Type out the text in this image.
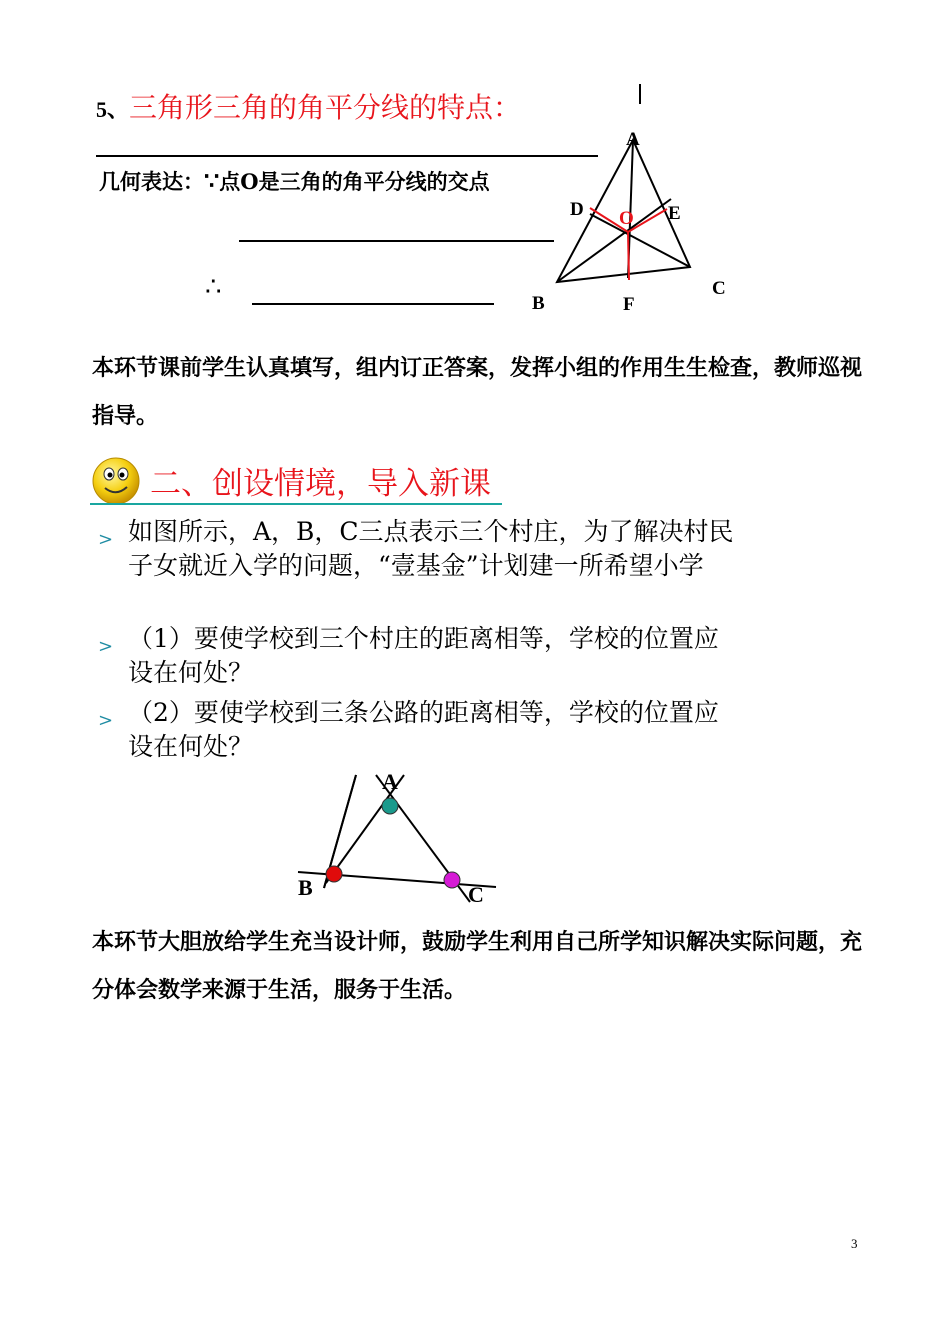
5、三角形三角的角平分线的特点：
几何表达：∵点O是三角的角平分线的交点
∴
A
D	E
O
B	F
C
本环节课前学生认真填写，组内订正答案，发挥小组的作用生生检查，教师巡视指导。
二、创设情境，导入新课
> 如图所示，A，B，C三点表示三个村庄，为了解决村民子女就近入学的问题，“壹基金”计划建一所希望小学
> （1）要使学校到三个村庄的距离相等，学校的位置应设在何处？
> （2）要使学校到三条公路的距离相等，学校的位置应设在何处？
A
B	C
本环节大胆放给学生充当设计师，鼓励学生利用自己所学知识解决实际问题，充分体会数学来源于生活，服务于生活。
3
